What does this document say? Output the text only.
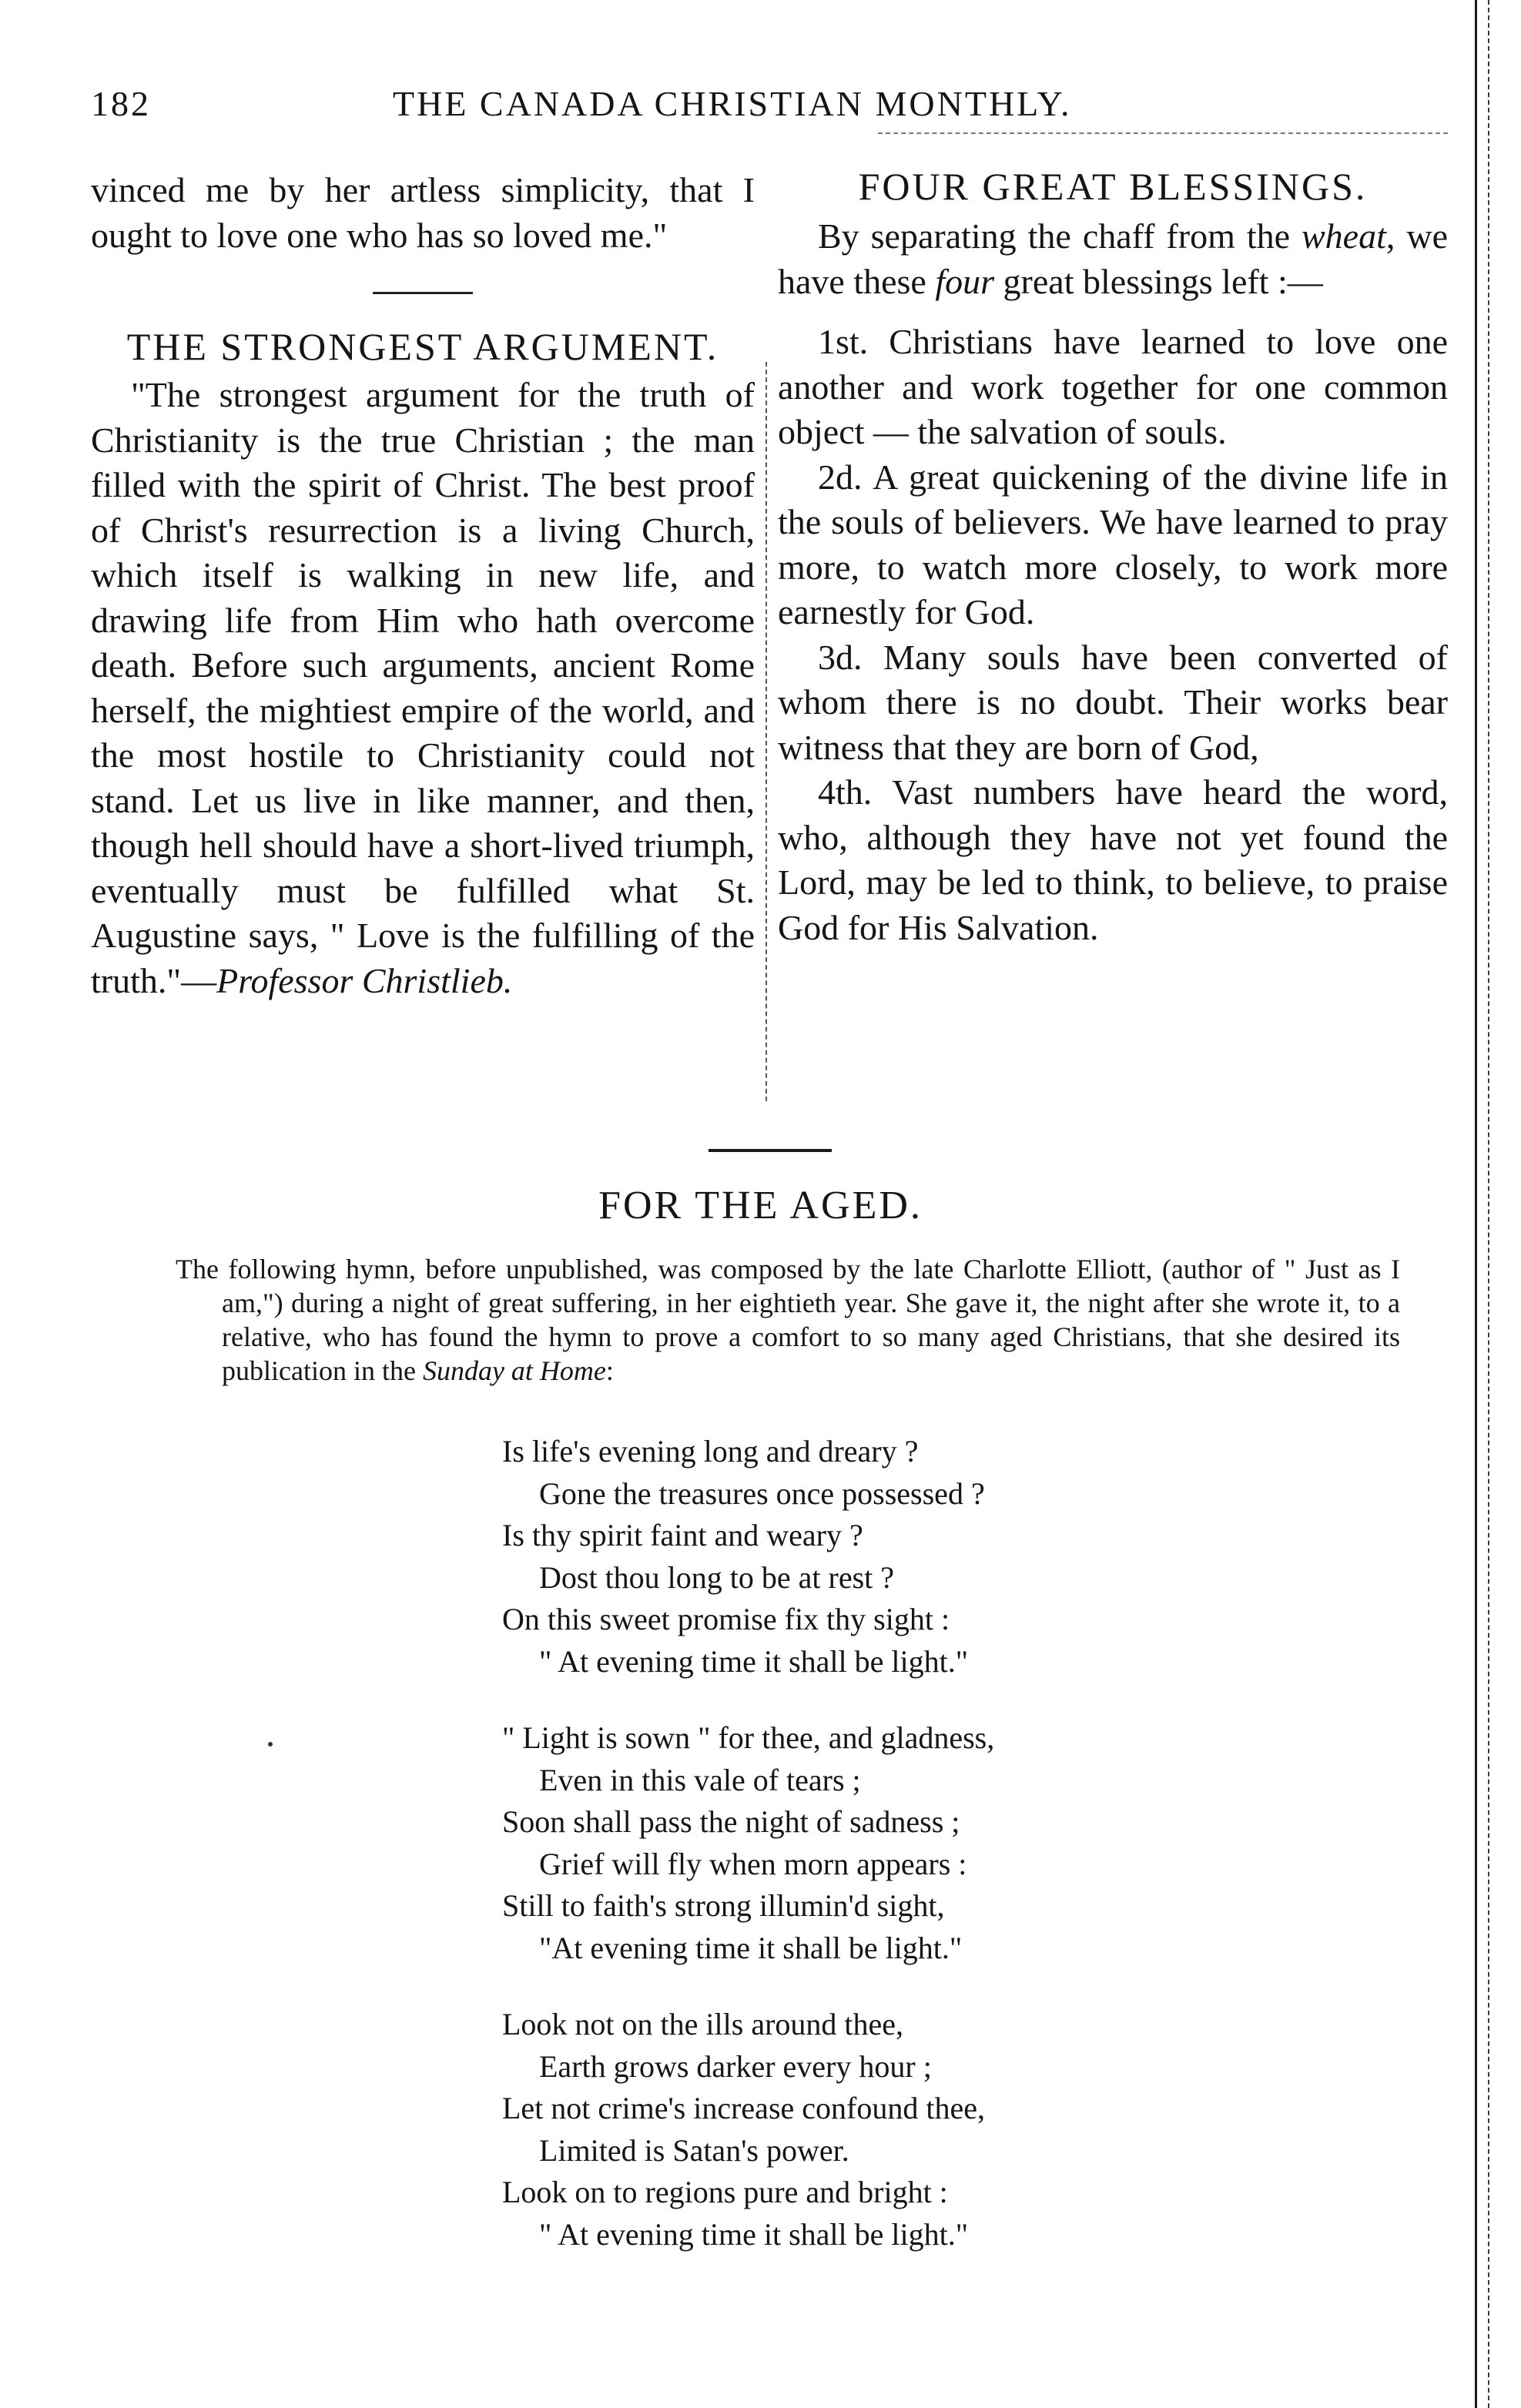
182	THE CANADA CHRISTIAN MONTHLY.

vinced me by her artless simplicity, that I ought to love one who has so loved me."

THE STRONGEST ARGUMENT.

"The strongest argument for the truth of Christianity is the true Christian ; the man filled with the spirit of Christ. The best proof of Christ's resurrection is a living Church, which itself is walking in new life, and drawing life from Him who hath overcome death. Before such arguments, ancient Rome herself, the mightiest empire of the world, and the most hostile to Christianity could not stand. Let us live in like manner, and then, though hell should have a short-lived triumph, eventually must be fulfilled what St. Augustine says, " Love is the fulfilling of the truth."—Professor Christlieb.

FOUR GREAT BLESSINGS.

By separating the chaff from the wheat, we have these four great blessings left :—

1st. Christians have learned to love one another and work together for one common object — the salvation of souls.

2d. A great quickening of the divine life in the souls of believers. We have learned to pray more, to watch more closely, to work more earnestly for God.

3d. Many souls have been converted of whom there is no doubt. Their works bear witness that they are born of God,

4th. Vast numbers have heard the word, who, although they have not yet found the Lord, may be led to think, to believe, to praise God for His Salvation.

FOR THE AGED.

The following hymn, before unpublished, was composed by the late Charlotte Elliott, (author of " Just as I am,") during a night of great suffering, in her eightieth year. She gave it, the night after she wrote it, to a relative, who has found the hymn to prove a comfort to so many aged Christians, that she desired its publication in the Sunday at Home:

Is life's evening long and dreary ?
Gone the treasures once possessed ?
Is thy spirit faint and weary ?
Dost thou long to be at rest ?
On this sweet promise fix thy sight :
" At evening time it shall be light."
" Light is sown " for thee, and gladness,
Even in this vale of tears ;
Soon shall pass the night of sadness ;
Grief will fly when morn appears :
Still to faith's strong illumin'd sight,
"At evening time it shall be light."
Look not on the ills around thee,
Earth grows darker every hour ;
Let not crime's increase confound thee,
Limited is Satan's power.
Look on to regions pure and bright :
" At evening time it shall be light."
